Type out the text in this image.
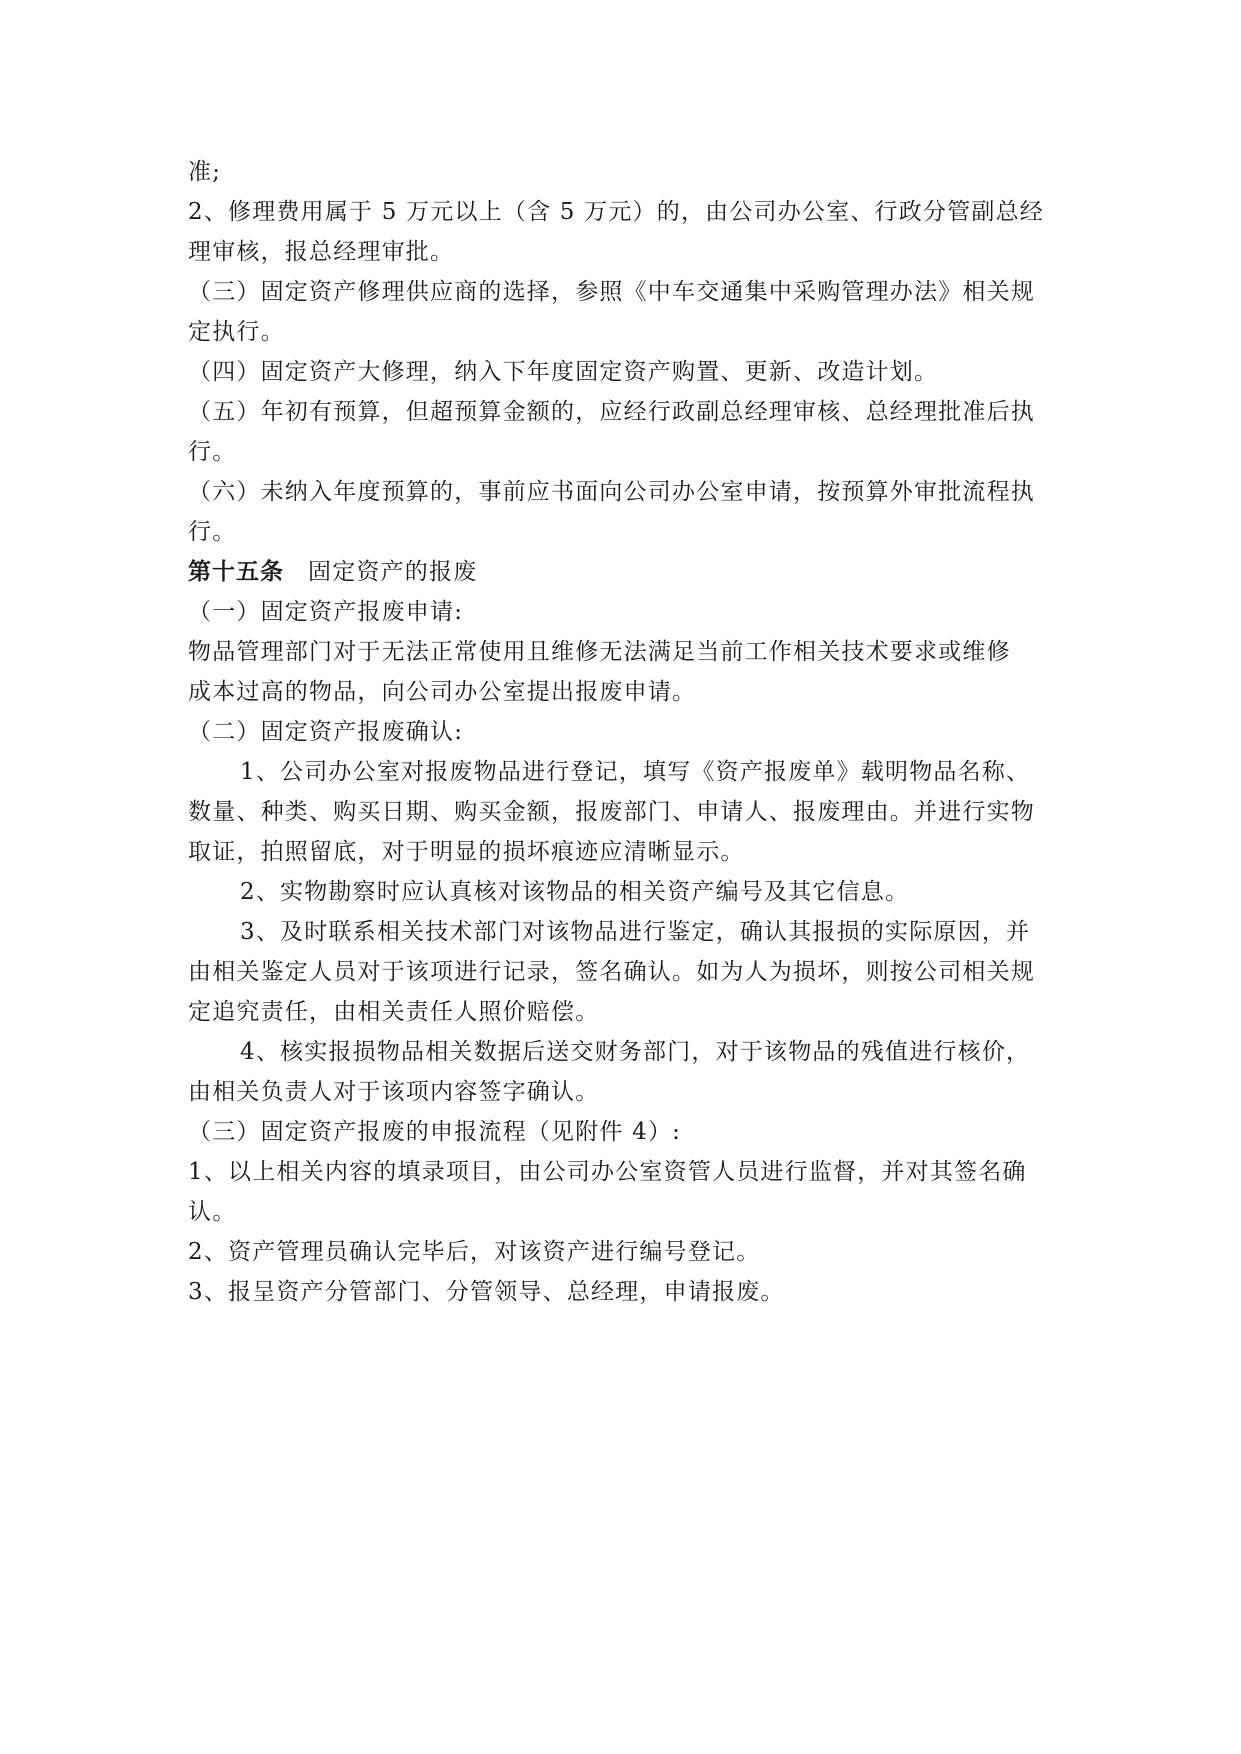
准;
2、修理费用属于 5 万元以上（含 5 万元）的，由公司办公室、行政分管副总经
理审核，报总经理审批。
（三）固定资产修理供应商的选择，参照《中车交通集中采购管理办法》相关规
定执行。
（四）固定资产大修理，纳入下年度固定资产购置、更新、改造计划。
（五）年初有预算，但超预算金额的，应经行政副总经理审核、总经理批准后执
行。
（六）未纳入年度预算的，事前应书面向公司办公室申请，按预算外审批流程执
行。
第十五条 固定资产的报废
（一）固定资产报废申请:
物品管理部门对于无法正常使用且维修无法满足当前工作相关技术要求或维修
成本过高的物品，向公司办公室提出报废申请。
（二）固定资产报废确认:
1、公司办公室对报废物品进行登记，填写《资产报废单》载明物品名称、
数量、种类、购买日期、购买金额，报废部门、申请人、报废理由。并进行实物
取证，拍照留底，对于明显的损坏痕迹应清晰显示。
2、实物勘察时应认真核对该物品的相关资产编号及其它信息。
3、及时联系相关技术部门对该物品进行鉴定，确认其报损的实际原因，并
由相关鉴定人员对于该项进行记录，签名确认。如为人为损坏，则按公司相关规
定追究责任，由相关责任人照价赔偿。
4、核实报损物品相关数据后送交财务部门，对于该物品的残值进行核价，
由相关负责人对于该项内容签字确认。
（三）固定资产报废的申报流程（见附件 4）:
1、以上相关内容的填录项目，由公司办公室资管人员进行监督，并对其签名确
认。
2、资产管理员确认完毕后，对该资产进行编号登记。
3、报呈资产分管部门、分管领导、总经理，申请报废。
